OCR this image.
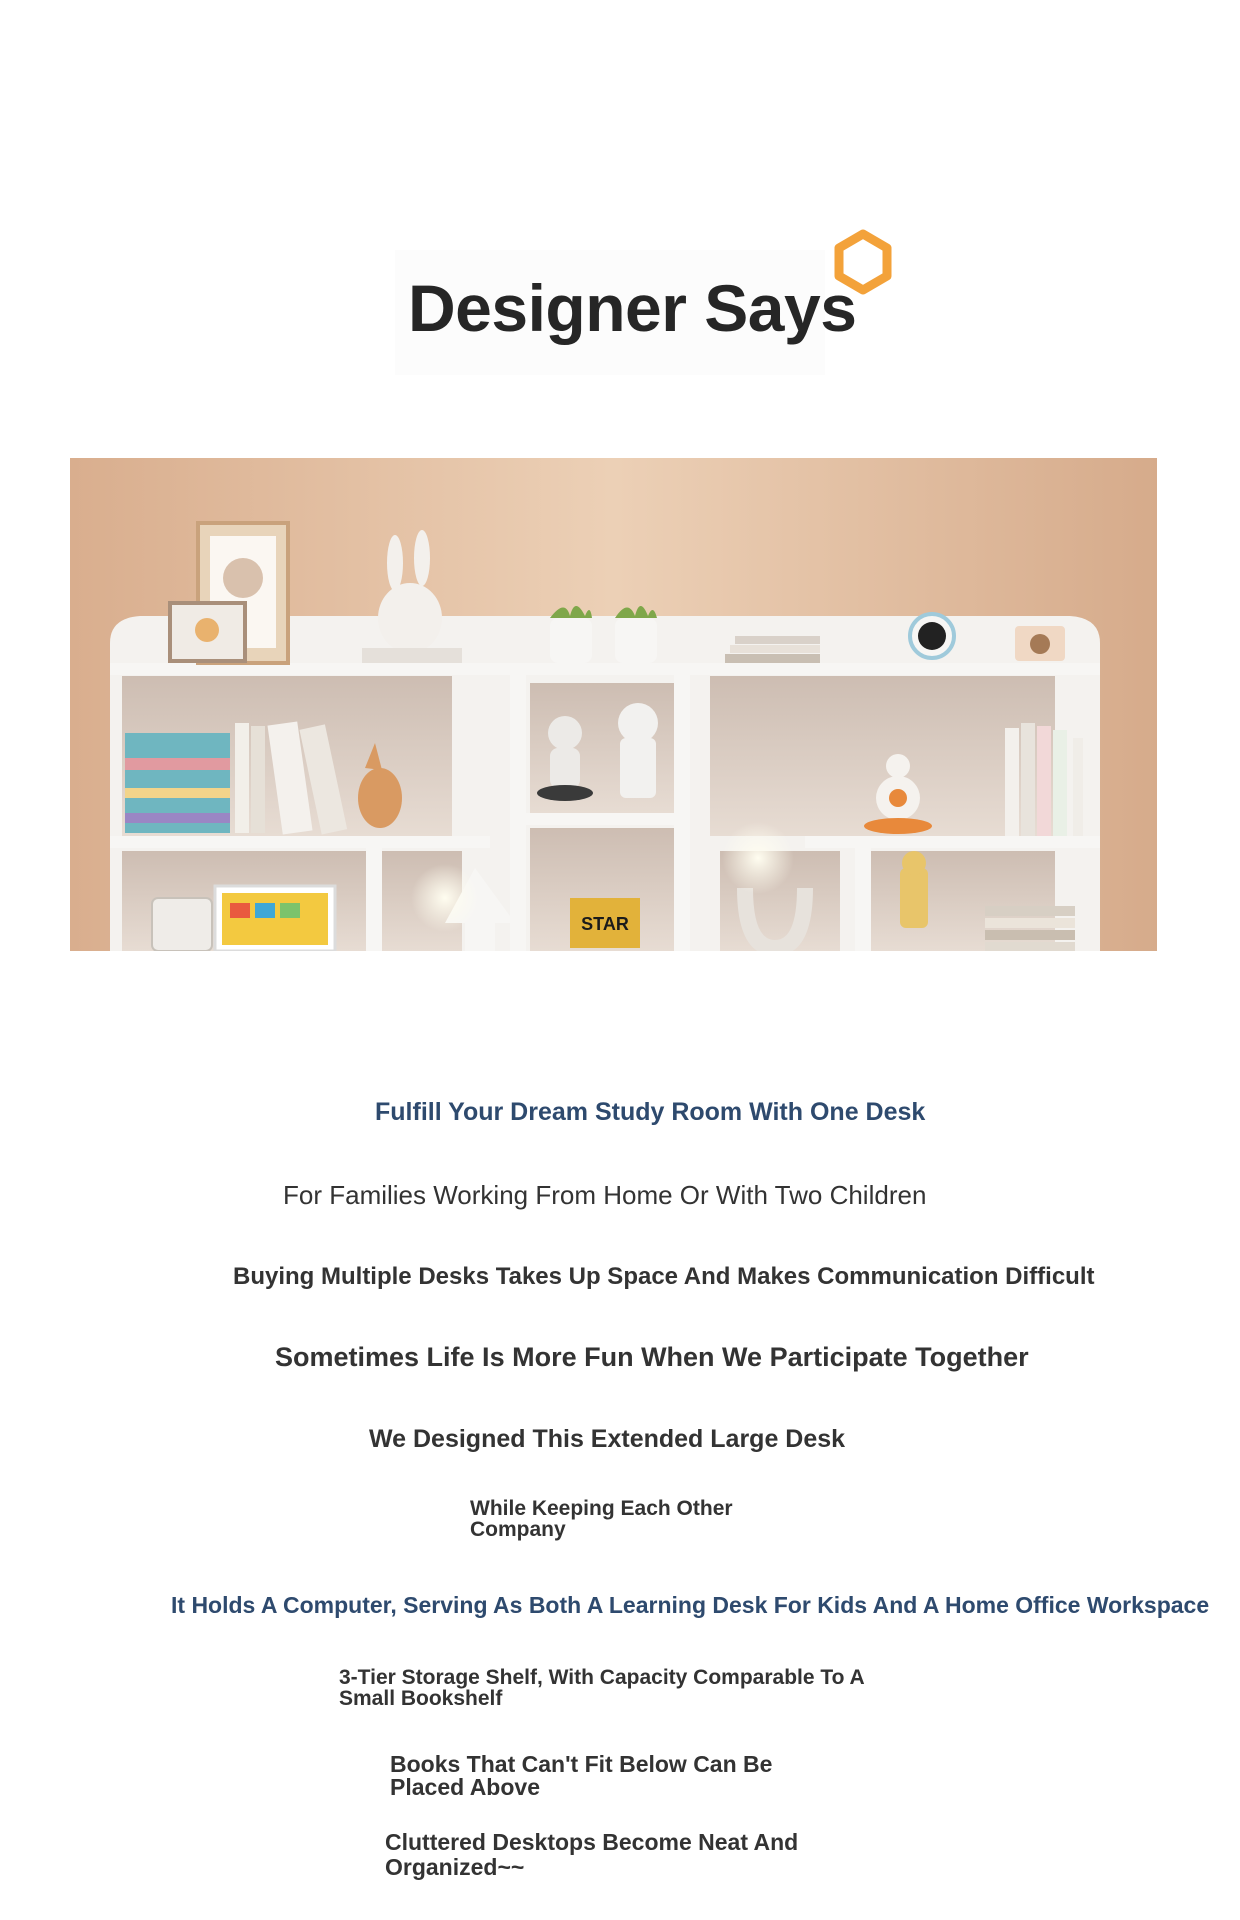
Designer Says
STAR
Fulfill Your Dream Study Room With One Desk
For Families Working From Home Or With Two Children
Buying Multiple Desks Takes Up Space And Makes Communication Difficult
Sometimes Life Is More Fun When We Participate Together
We Designed This Extended Large Desk
While Keeping Each Other Company
It Holds A Computer, Serving As Both A Learning Desk For Kids And A Home Office Workspace
3-Tier Storage Shelf, With Capacity Comparable To A Small Bookshelf
Books That Can't Fit Below Can Be Placed Above
Cluttered Desktops Become Neat And Organized~~
